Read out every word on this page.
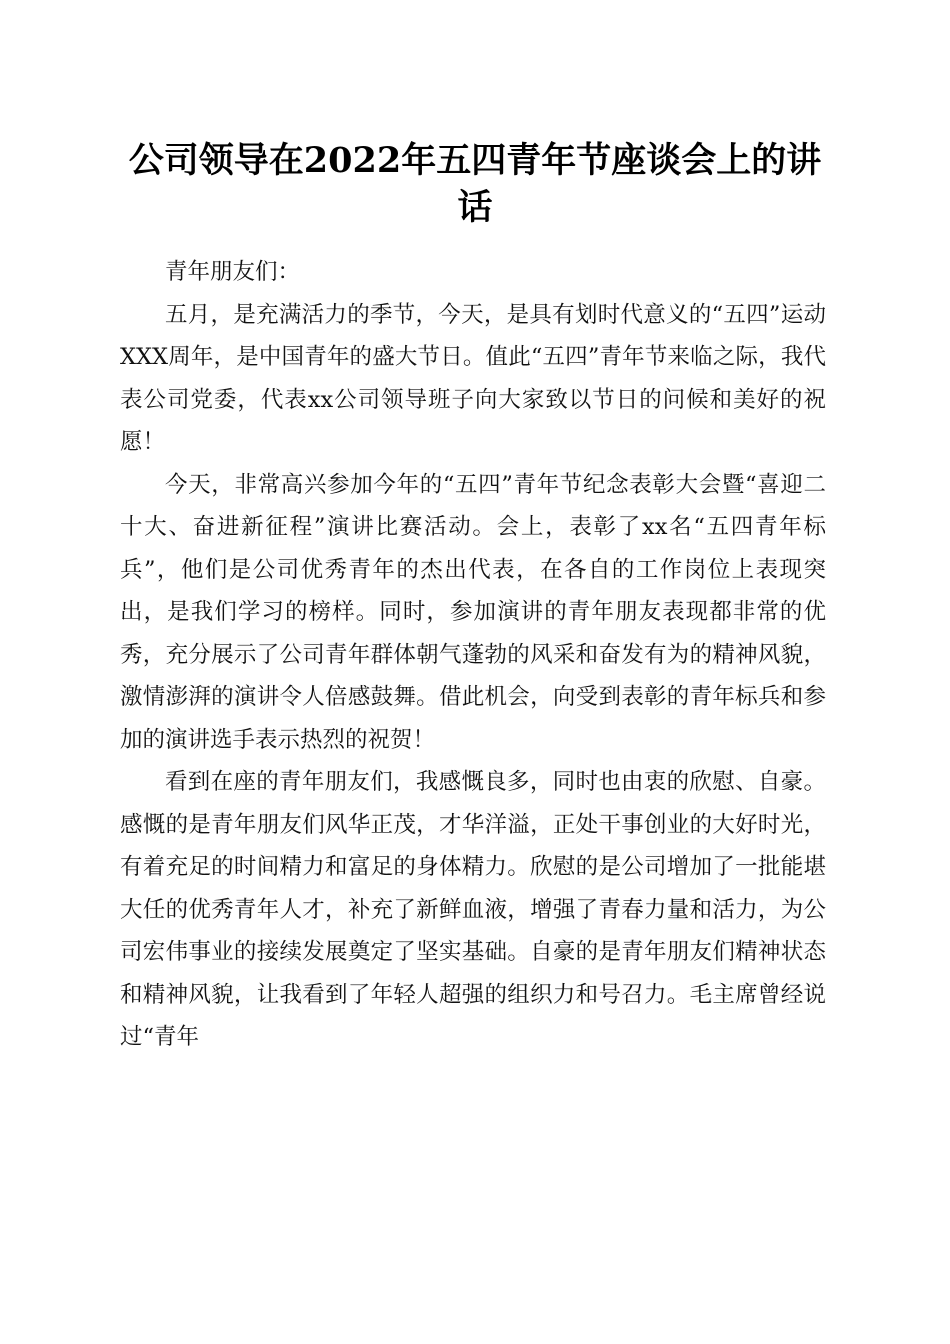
公司领导在2022年五四青年节座谈会上的讲话

青年朋友们：

五月，是充满活力的季节，今天，是具有划时代意义的“五四”运动XXX周年，是中国青年的盛大节日。值此“五四”青年节来临之际，我代表公司党委，代表xx公司领导班子向大家致以节日的问候和美好的祝愿！

今天，非常高兴参加今年的“五四”青年节纪念表彰大会暨“喜迎二十大、奋进新征程”演讲比赛活动。会上，表彰了xx名“五四青年标兵”，他们是公司优秀青年的杰出代表，在各自的工作岗位上表现突出，是我们学习的榜样。同时，参加演讲的青年朋友表现都非常的优秀，充分展示了公司青年群体朝气蓬勃的风采和奋发有为的精神风貌，激情澎湃的演讲令人倍感鼓舞。借此机会，向受到表彰的青年标兵和参加的演讲选手表示热烈的祝贺！

看到在座的青年朋友们，我感慨良多，同时也由衷的欣慰、自豪。感慨的是青年朋友们风华正茂，才华洋溢，正处干事创业的大好时光，有着充足的时间精力和富足的身体精力。欣慰的是公司增加了一批能堪大任的优秀青年人才，补充了新鲜血液，增强了青春力量和活力，为公司宏伟事业的接续发展奠定了坚实基础。自豪的是青年朋友们精神状态和精神风貌，让我看到了年轻人超强的组织力和号召力。毛主席曾经说过“青年
